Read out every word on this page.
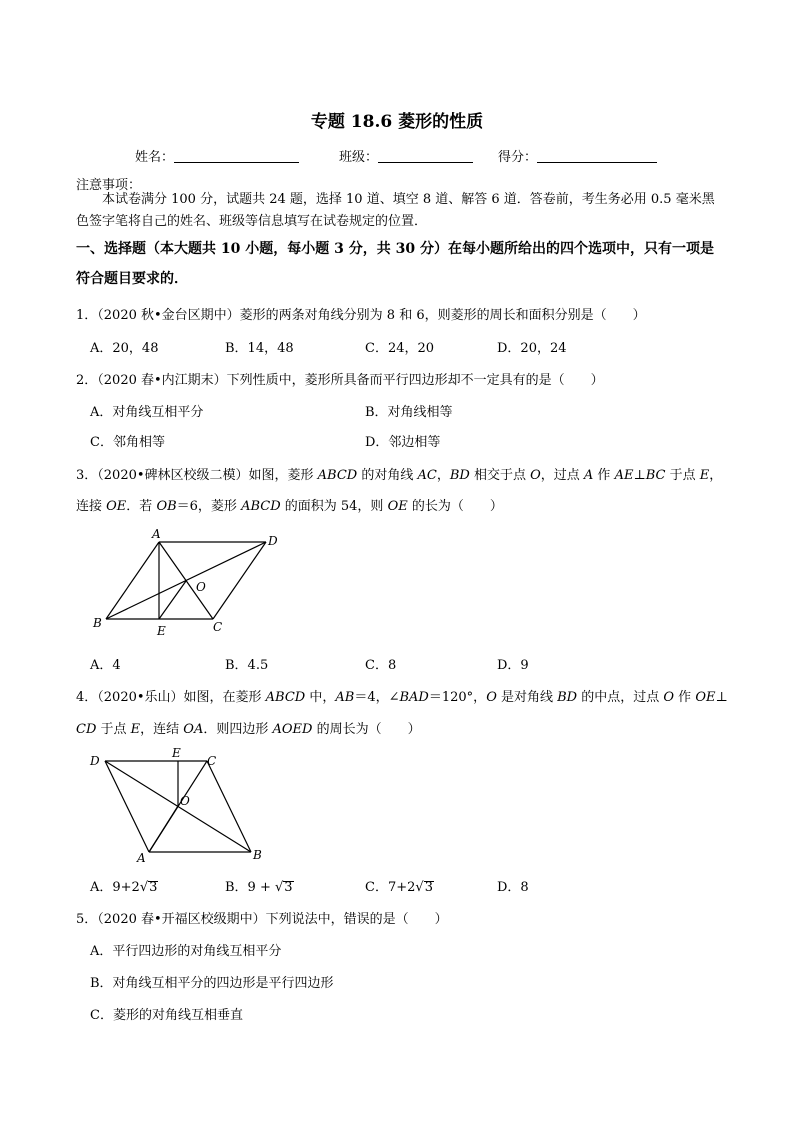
专题 18.6 菱形的性质
姓名：	班级：	得分：
注意事项：
本试卷满分 100 分，试题共 24 题，选择 10 道、填空 8 道、解答 6 道．答卷前，考生务必用 0.5 毫米黑色签字笔将自己的姓名、班级等信息填写在试卷规定的位置．
一、选择题（本大题共 10 小题，每小题 3 分，共 30 分）在每小题所给出的四个选项中，只有一项是符合题目要求的．
1．（2020 秋•金台区期中）菱形的两条对角线分别为 8 和 6，则菱形的周长和面积分别是（　　）
A．20，48	B．14，48	C．24，20	D．20，24
2．（2020 春•内江期末）下列性质中，菱形所具备而平行四边形却不一定具有的是（　　）
A．对角线互相平分	B．对角线相等
C．邻角相等	D．邻边相等
3．（2020•碑林区校级二模）如图，菱形 ABCD 的对角线 AC，BD 相交于点 O，过点 A 作 AE⊥BC 于点 E，
连接 OE．若 OB＝6，菱形 ABCD 的面积为 54，则 OE 的长为（　　）
A	D
O
B
E	C
A．4	B．4.5	C．8	D．9
4．（2020•乐山）如图，在菱形 ABCD 中，AB＝4，∠BAD＝120°，O 是对角线 BD 的中点，过点 O 作 OE⊥
CD 于点 E，连结 OA．则四边形 AOED 的周长为（　　）
D
E
C
O
A	B
A．9+2√3	B．9 + √3	C．7+2√3	D．8
5．（2020 春•开福区校级期中）下列说法中，错误的是（　　）
A．平行四边形的对角线互相平分
B．对角线互相平分的四边形是平行四边形
C．菱形的对角线互相垂直
